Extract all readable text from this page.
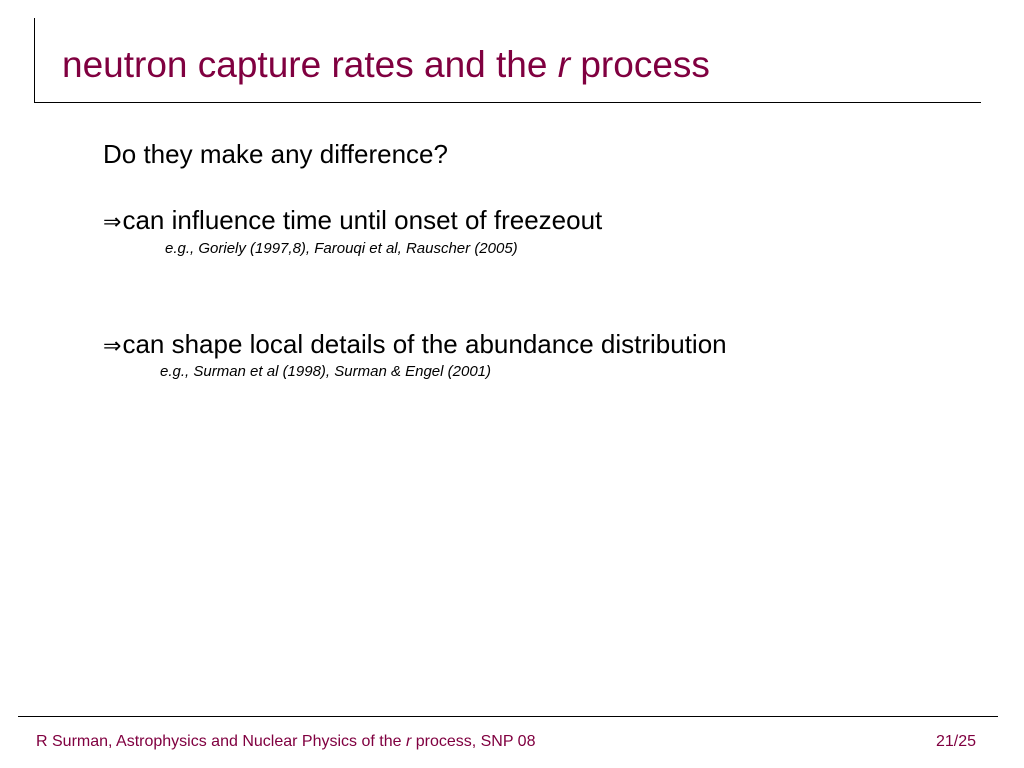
neutron capture rates and the r process

Do they make any difference?

⇒can influence time until onset of freezeout

e.g., Goriely (1997,8), Farouqi et al, Rauscher (2005)

⇒can shape local details of the abundance distribution

e.g., Surman et al (1998), Surman & Engel (2001)

R Surman, Astrophysics and Nuclear Physics of the r process, SNP 08	21/25
